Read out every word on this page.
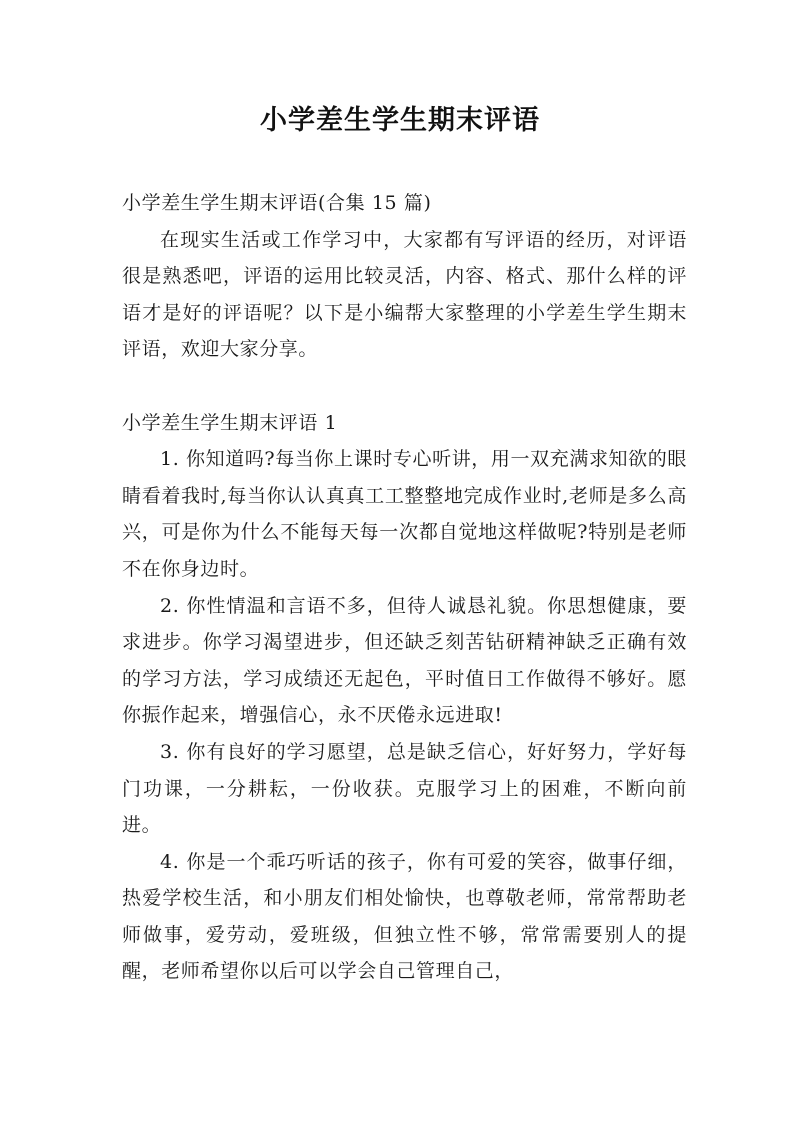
小学差生学生期末评语

小学差生学生期末评语(合集 15 篇)

在现实生活或工作学习中，大家都有写评语的经历，对评语很是熟悉吧，评语的运用比较灵活，内容、格式、那什么样的评语才是好的评语呢？以下是小编帮大家整理的小学差生学生期末评语，欢迎大家分享。

小学差生学生期末评语 1

1. 你知道吗?每当你上课时专心听讲，用一双充满求知欲的眼睛看着我时,每当你认认真真工工整整地完成作业时,老师是多么高兴，可是你为什么不能每天每一次都自觉地这样做呢?特别是老师不在你身边时。

2. 你性情温和言语不多，但待人诚恳礼貌。你思想健康，要求进步。你学习渴望进步，但还缺乏刻苦钻研精神缺乏正确有效的学习方法，学习成绩还无起色，平时值日工作做得不够好。愿你振作起来，增强信心，永不厌倦永远进取!

3. 你有良好的学习愿望，总是缺乏信心，好好努力，学好每门功课，一分耕耘，一份收获。克服学习上的困难，不断向前进。

4. 你是一个乖巧听话的孩子，你有可爱的笑容，做事仔细，热爱学校生活，和小朋友们相处愉快，也尊敬老师，常常帮助老师做事，爱劳动，爱班级，但独立性不够，常常需要别人的提醒，老师希望你以后可以学会自己管理自己，
